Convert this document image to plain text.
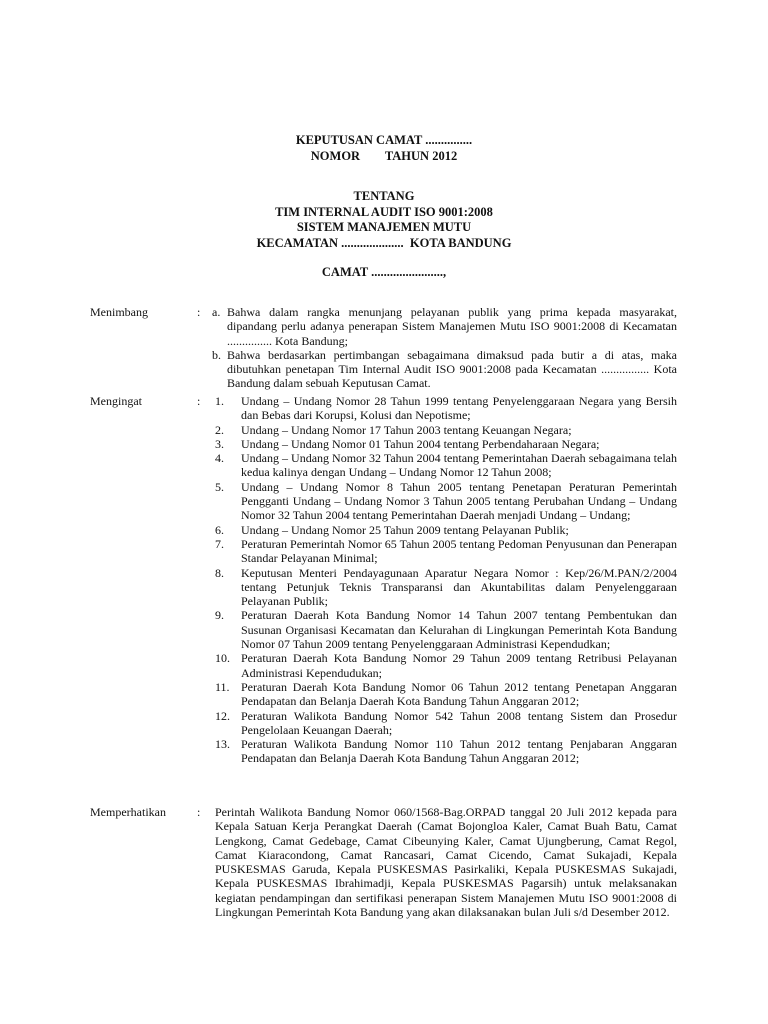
KEPUTUSAN CAMAT ...............
NOMOR        TAHUN 2012
TENTANG
TIM INTERNAL AUDIT ISO 9001:2008
SISTEM MANAJEMEN MUTU
KECAMATAN ....................  KOTA BANDUNG
CAMAT .......................,
Menimbang	: a. Bahwa dalam rangka menunjang pelayanan publik yang prima kepada masyarakat, dipandang perlu adanya penerapan Sistem Manajemen Mutu ISO 9001:2008 di Kecamatan ............... Kota Bandung;
b. Bahwa berdasarkan pertimbangan sebagaimana dimaksud pada butir a di atas, maka dibutuhkan penetapan Tim Internal Audit ISO 9001:2008 pada Kecamatan ................ Kota Bandung dalam sebuah Keputusan Camat.
Mengingat	: 1. Undang – Undang Nomor 28 Tahun 1999 tentang Penyelenggaraan Negara yang Bersih dan Bebas dari Korupsi, Kolusi dan Nepotisme;
2. Undang – Undang Nomor 17 Tahun 2003 tentang Keuangan Negara;
3. Undang – Undang Nomor 01 Tahun 2004 tentang Perbendaharaan Negara;
4. Undang – Undang Nomor 32 Tahun 2004 tentang Pemerintahan Daerah sebagaimana telah kedua kalinya dengan Undang – Undang Nomor 12 Tahun 2008;
5. Undang – Undang Nomor 8 Tahun 2005 tentang Penetapan Peraturan Pemerintah Pengganti Undang – Undang Nomor 3 Tahun 2005 tentang Perubahan Undang – Undang Nomor 32 Tahun 2004 tentang Pemerintahan Daerah menjadi Undang – Undang;
6. Undang – Undang Nomor 25 Tahun 2009 tentang Pelayanan Publik;
7. Peraturan Pemerintah Nomor 65 Tahun 2005 tentang Pedoman Penyusunan dan Penerapan Standar Pelayanan Minimal;
8. Keputusan Menteri Pendayagunaan Aparatur Negara Nomor : Kep/26/M.PAN/2/2004 tentang Petunjuk Teknis Transparansi dan Akuntabilitas dalam Penyelenggaraan Pelayanan Publik;
9. Peraturan Daerah Kota Bandung Nomor 14 Tahun 2007 tentang Pembentukan dan Susunan Organisasi Kecamatan dan Kelurahan di Lingkungan Pemerintah Kota Bandung Nomor 07 Tahun 2009 tentang Penyelenggaraan Administrasi Kependudkan;
10. Peraturan Daerah Kota Bandung Nomor 29 Tahun 2009 tentang Retribusi Pelayanan Administrasi Kependudukan;
11. Peraturan Daerah Kota Bandung Nomor 06 Tahun 2012 tentang Penetapan Anggaran Pendapatan dan Belanja Daerah Kota Bandung Tahun Anggaran 2012;
12. Peraturan Walikota Bandung Nomor 542 Tahun 2008 tentang Sistem dan Prosedur Pengelolaan Keuangan Daerah;
13. Peraturan Walikota Bandung Nomor 110 Tahun 2012 tentang Penjabaran Anggaran Pendapatan dan Belanja Daerah Kota Bandung Tahun Anggaran 2012;
Memperhatikan	: Perintah Walikota Bandung Nomor 060/1568-Bag.ORPAD tanggal 20 Juli 2012 kepada para Kepala Satuan Kerja Perangkat Daerah (Camat Bojongloa Kaler, Camat Buah Batu, Camat Lengkong, Camat Gedebage, Camat Cibeunying Kaler, Camat Ujungberung, Camat Regol, Camat Kiaracondong, Camat Rancasari, Camat Cicendo, Camat Sukajadi, Kepala PUSKESMAS Garuda, Kepala PUSKESMAS Pasirkaliki, Kepala PUSKESMAS Sukajadi, Kepala PUSKESMAS Ibrahimadji, Kepala PUSKESMAS Pagarsih) untuk melaksanakan kegiatan pendampingan dan sertifikasi penerapan Sistem Manajemen Mutu ISO 9001:2008 di Lingkungan Pemerintah Kota Bandung yang akan dilaksanakan bulan Juli s/d Desember 2012.
